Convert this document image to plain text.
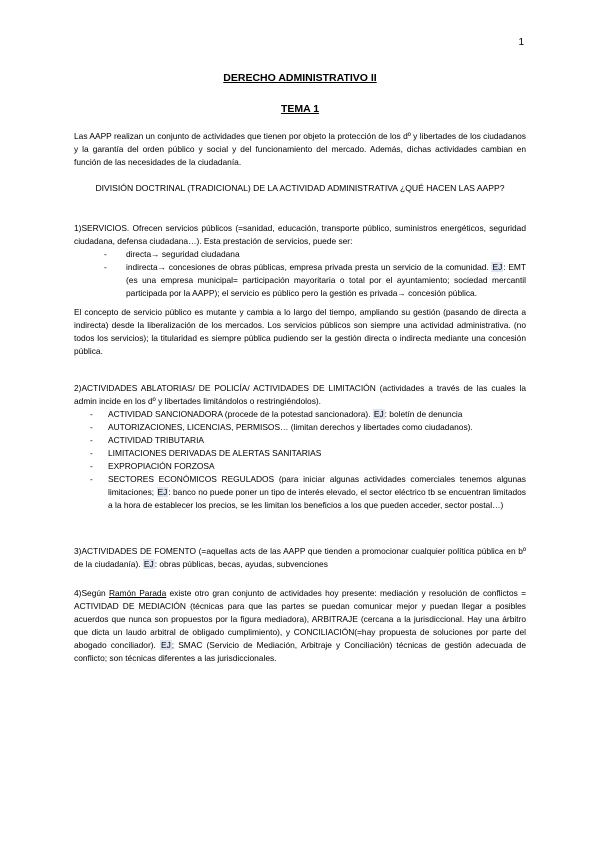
1
DERECHO ADMINISTRATIVO II
TEMA 1

Las AAPP realizan un conjunto de actividades que tienen por objeto la protección de los dº y libertades de los ciudadanos y la garantía del orden público y social y del funcionamiento del mercado. Además, dichas actividades cambian en función de las necesidades de la ciudadanía.

DIVISIÓN DOCTRINAL (TRADICIONAL) DE LA ACTIVIDAD ADMINISTRATIVA ¿QUÉ HACEN LAS AAPP?

1)SERVICIOS. Ofrecen servicios públicos (=sanidad, educación, transporte público, suministros energéticos, seguridad ciudadana, defensa ciudadana…). Esta prestación de servicios, puede ser:

- directa→ seguridad ciudadana
- indirecta→ concesiones de obras públicas, empresa privada presta un servicio de la comunidad. EJ: EMT (es una empresa municipal= participación mayoritaria o total por el ayuntamiento; sociedad mercantil participada por la AAPP); el servicio es público pero la gestión es privada→ concesión pública.

El concepto de servicio público es mutante y cambia a lo largo del tiempo, ampliando su gestión (pasando de directa a indirecta) desde la liberalización de los mercados. Los servicios públicos son siempre una actividad administrativa. (no todos los servicios); la titularidad es siempre pública pudiendo ser la gestión directa o indirecta mediante una concesión pública.

2)ACTIVIDADES ABLATORIAS/ DE POLICÍA/ ACTIVIDADES DE LIMITACIÓN (actividades a través de las cuales la admin incide en los dº y libertades limitándolos o restringiéndolos).

- ACTIVIDAD SANCIONADORA (procede de la potestad sancionadora). EJ: boletín de denuncia
- AUTORIZACIONES, LICENCIAS, PERMISOS… (limitan derechos y libertades como ciudadanos).
- ACTIVIDAD TRIBUTARIA
- LIMITACIONES DERIVADAS DE ALERTAS SANITARIAS
- EXPROPIACIÓN FORZOSA
- SECTORES ECONÓMICOS REGULADOS (para iniciar algunas actividades comerciales tenemos algunas limitaciones; EJ: banco no puede poner un tipo de interés elevado, el sector eléctrico tb se encuentran limitados a la hora de establecer los precios, se les limitan los beneficios a los que pueden acceder, sector postal…)

3)ACTIVIDADES DE FOMENTO (=aquellas acts de las AAPP que tienden a promocionar cualquier política pública en bº de la ciudadanía). EJ: obras públicas, becas, ayudas, subvenciones

4)Según Ramón Parada existe otro gran conjunto de actividades hoy presente: mediación y resolución de conflictos = ACTIVIDAD DE MEDIACIÓN (técnicas para que las partes se puedan comunicar mejor y puedan llegar a posibles acuerdos que nunca son propuestos por la figura mediadora), ARBITRAJE (cercana a la jurisdiccional. Hay una árbitro que dicta un laudo arbitral de obligado cumplimiento), y CONCILIACIÓN(=hay propuesta de soluciones por parte del abogado conciliador). EJ; SMAC (Servicio de Mediación, Arbitraje y Conciliación) técnicas de gestión adecuada de conflicto; son técnicas diferentes a las jurisdiccionales.
